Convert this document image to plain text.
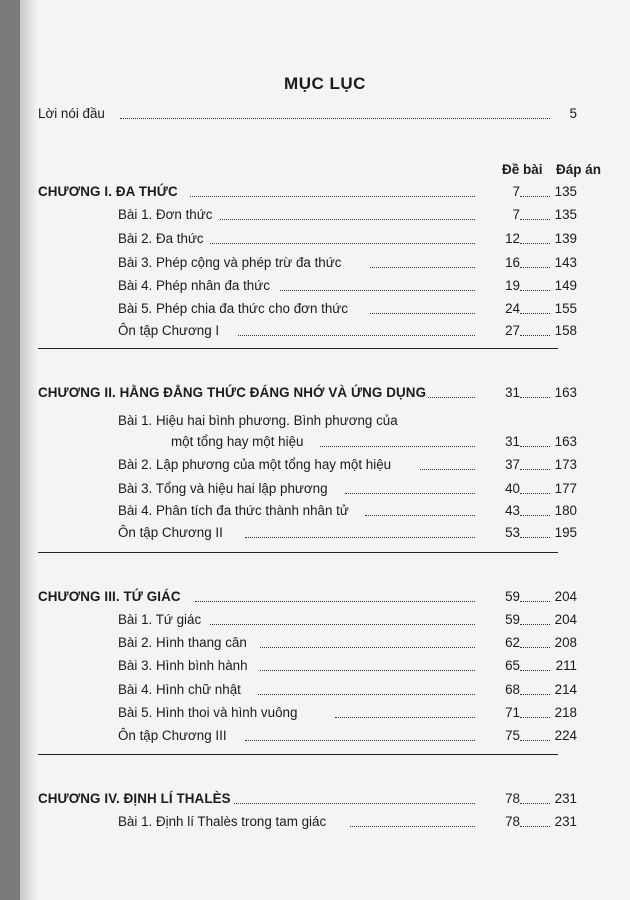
MỤC LỤC
Lời nói đầu	5
Đề bài Đáp án
CHƯƠNG I. ĐA THỨC	7	135
Bài 1. Đơn thức	7	135
Bài 2. Đa thức	12	139
Bài 3. Phép cộng và phép trừ đa thức	16	143
Bài 4. Phép nhân đa thức	19	149
Bài 5. Phép chia đa thức cho đơn thức	24	155
Ôn tập Chương I	27	158
CHƯƠNG II. HẰNG ĐẲNG THỨC ĐÁNG NHỚ VÀ ỨNG DỤNG	31	163
Bài 1. Hiệu hai bình phương. Bình phương của
một tổng hay một hiệu	31	163
Bài 2. Lập phương của một tổng hay một hiệu	37	173
Bài 3. Tổng và hiệu hai lập phương	40	177
Bài 4. Phân tích đa thức thành nhân tử	43	180
Ôn tập Chương II	53	195
CHƯƠNG III. TỨ GIÁC	59	204
Bài 1. Tứ giác	59	204
Bài 2. Hình thang cân	62	208
Bài 3. Hình bình hành	65	211
Bài 4. Hình chữ nhật	68	214
Bài 5. Hình thoi và hình vuông	71	218
Ôn tập Chương III	75	224
CHƯƠNG IV. ĐỊNH LÍ THALÈS	78	231
Bài 1. Định lí Thalès trong tam giác	78	231
